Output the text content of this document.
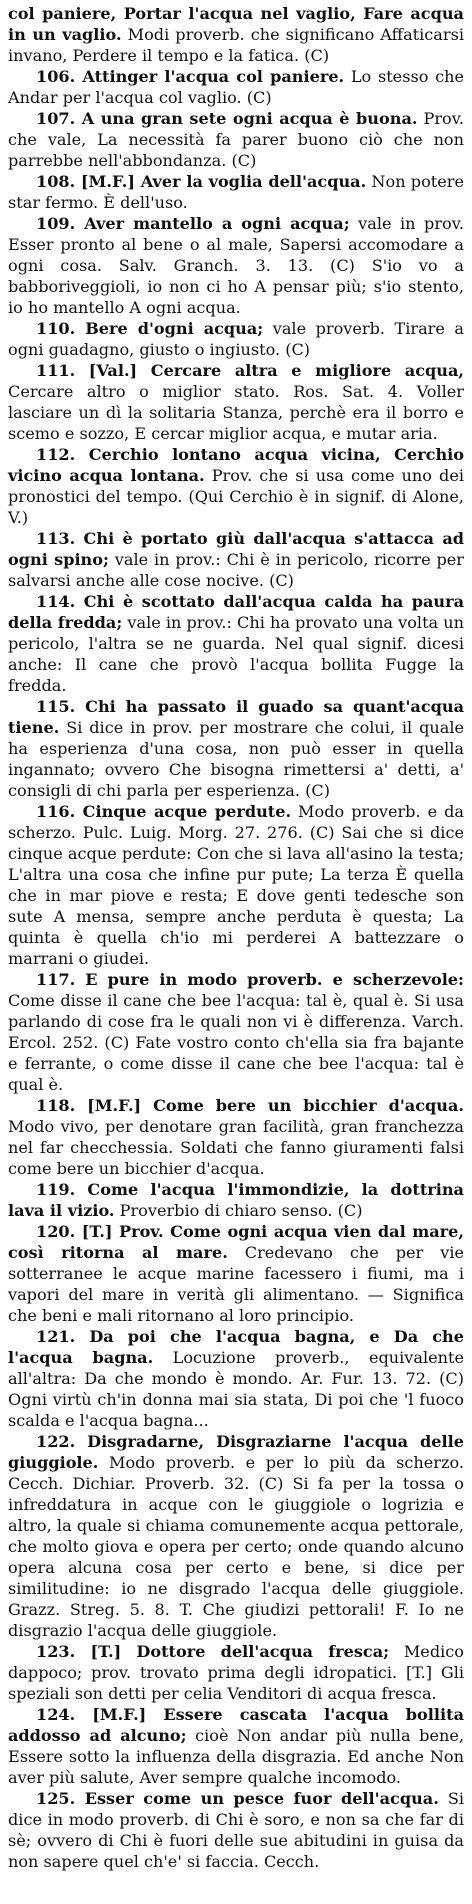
col paniere, Portar l'acqua nel vaglio, Fare acqua in un vaglio. Modi proverb. che significano Affaticarsi invano, Perdere il tempo e la fatica. (C)

106. Attinger l'acqua col paniere. Lo stesso che Andar per l'acqua col vaglio. (C)

107. A una gran sete ogni acqua è buona. Prov. che vale, La necessità fa parer buono ciò che non parrebbe nell'abbondanza. (C)

108. [M.F.] Aver la voglia dell'acqua. Non potere star fermo. È dell'uso.

109. Aver mantello a ogni acqua; vale in prov. Esser pronto al bene o al male, Sapersi accomodare a ogni cosa. Salv. Granch. 3. 13. (C) S'io vo a babboriveggioli, io non ci ho A pensar più; s'io stento, io ho mantello A ogni acqua.

110. Bere d'ogni acqua; vale proverb. Tirare a ogni guadagno, giusto o ingiusto. (C)

111. [Val.] Cercare altra e migliore acqua, Cercare altro o miglior stato. Ros. Sat. 4. Voller lasciare un dì la solitaria Stanza, perchè era il borro e scemo e sozzo, E cercar miglior acqua, e mutar aria.

112. Cerchio lontano acqua vicina, Cerchio vicino acqua lontana. Prov. che si usa come uno dei pronostici del tempo. (Qui Cerchio è in signif. di Alone, V.)

113. Chi è portato giù dall'acqua s'attacca ad ogni spino; vale in prov.: Chi è in pericolo, ricorre per salvarsi anche alle cose nocive. (C)

114. Chi è scottato dall'acqua calda ha paura della fredda; vale in prov.: Chi ha provato una volta un pericolo, l'altra se ne guarda. Nel qual signif. dicesi anche: Il cane che provò l'acqua bollita Fugge la fredda.

115. Chi ha passato il guado sa quant'acqua tiene. Si dice in prov. per mostrare che colui, il quale ha esperienza d'una cosa, non può esser in quella ingannato; ovvero Che bisogna rimettersi a' detti, a' consigli di chi parla per esperienza. (C)

116. Cinque acque perdute. Modo proverb. e da scherzo. Pulc. Luig. Morg. 27. 276. (C) Sai che si dice cinque acque perdute: Con che si lava all'asino la testa; L'altra una cosa che infine pur pute; La terza È quella che in mar piove e resta; E dove genti tedesche son sute A mensa, sempre anche perduta è questa; La quinta è quella ch'io mi perderei A battezzare o marrani o giudei.

117. E pure in modo proverb. e scherzevole: Come disse il cane che bee l'acqua: tal è, qual è. Si usa parlando di cose fra le quali non vi è differenza. Varch. Ercol. 252. (C) Fate vostro conto ch'ella sia fra bajante e ferrante, o come disse il cane che bee l'acqua: tal è qual è.

118. [M.F.] Come bere un bicchier d'acqua. Modo vivo, per denotare gran facilità, gran franchezza nel far checchessia. Soldati che fanno giuramenti falsi come bere un bicchier d'acqua.

119. Come l'acqua l'immondizie, la dottrina lava il vizio. Proverbio di chiaro senso. (C)

120. [T.] Prov. Come ogni acqua vien dal mare, così ritorna al mare. Credevano che per vie sotterranee le acque marine facessero i fiumi, ma i vapori del mare in verità gli alimentano. — Significa che beni e mali ritornano al loro principio.

121. Da poi che l'acqua bagna, e Da che l'acqua bagna. Locuzione proverb., equivalente all'altra: Da che mondo è mondo. Ar. Fur. 13. 72. (C) Ogni virtù ch'in donna mai sia stata, Di poi che 'l fuoco scalda e l'acqua bagna...

122. Disgradarne, Disgraziarne l'acqua delle giuggiole. Modo proverb. e per lo più da scherzo. Cecch. Dichiar. Proverb. 32. (C) Si fa per la tossa o infreddatura in acque con le giuggiole o logrizia e altro, la quale si chiama comunemente acqua pettorale, che molto giova e opera per certo; onde quando alcuno opera alcuna cosa per certo e bene, si dice per similitudine: io ne disgrado l'acqua delle giuggiole. Grazz. Streg. 5. 8. T. Che giudizi pettorali! F. Io ne disgrazio l'acqua delle giuggiole.

123. [T.] Dottore dell'acqua fresca; Medico dappoco; prov. trovato prima degli idropatici. [T.] Gli speziali son detti per celia Venditori di acqua fresca.

124. [M.F.] Essere cascata l'acqua bollita addosso ad alcuno; cioè Non andar più nulla bene, Essere sotto la influenza della disgrazia. Ed anche Non aver più salute, Aver sempre qualche incomodo.

125. Esser come un pesce fuor dell'acqua. Si dice in modo proverb. di Chi è soro, e non sa che far di sè; ovvero di Chi è fuori delle sue abitudini in guisa da non sapere quel ch'e' si faccia. Cecch.
